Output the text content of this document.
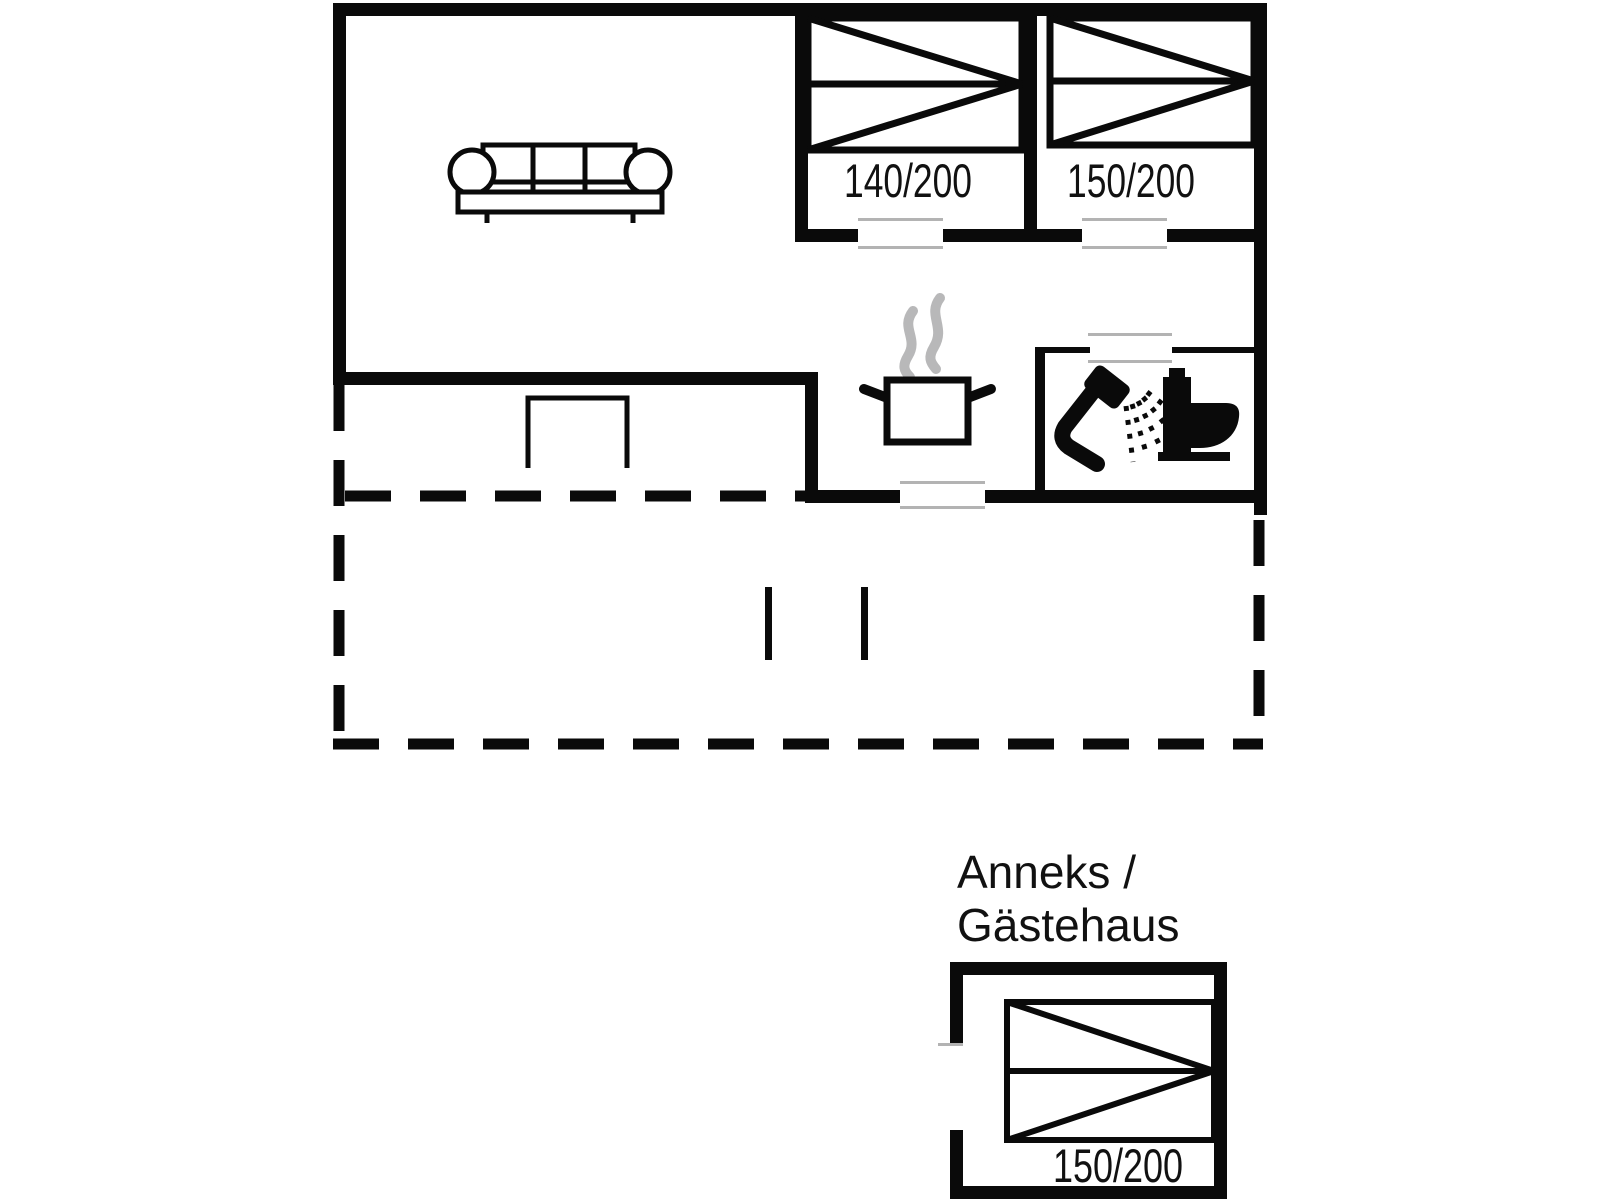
140/200 150/200
Anneks /
Gästehaus
150/200
